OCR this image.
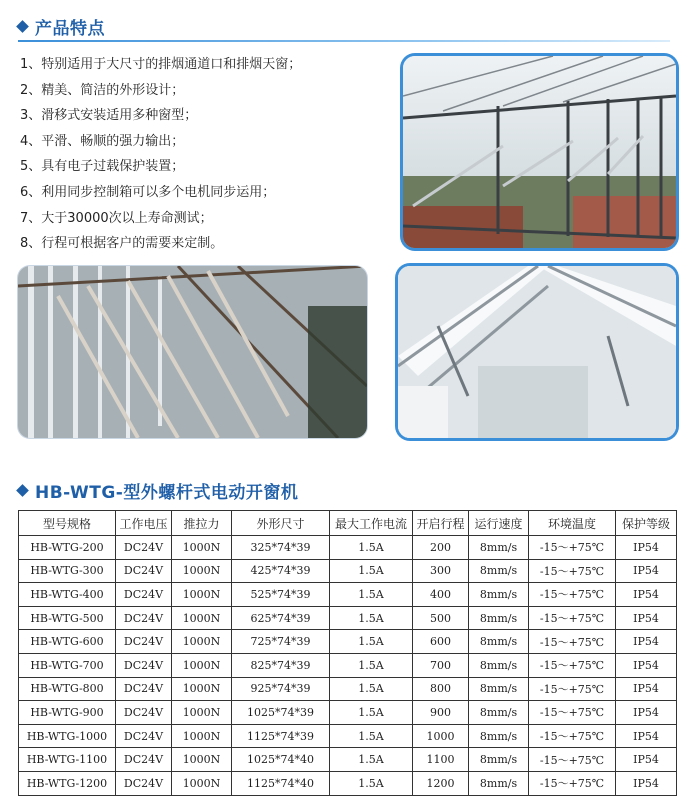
产品特点
1、特别适用于大尺寸的排烟通道口和排烟天窗；
2、精美、简洁的外形设计；
3、滑移式安装适用多种窗型；
4、平滑、畅顺的强力输出；
5、具有电子过载保护装置；
6、利用同步控制箱可以多个电机同步运用；
7、大于30000次以上寿命测试；
8、行程可根据客户的需要来定制。
HB-WTG-型外螺杆式电动开窗机
型号规格	工作电压	推拉力	外形尺寸	最大工作电流	开启行程	运行速度	环境温度	保护等级
HB-WTG-200	DC24V	1000N	325*74*39	1.5A	200	8mm/s	-15～+75℃	IP54
HB-WTG-300	DC24V	1000N	425*74*39	1.5A	300	8mm/s	-15～+75℃	IP54
HB-WTG-400	DC24V	1000N	525*74*39	1.5A	400	8mm/s	-15～+75℃	IP54
HB-WTG-500	DC24V	1000N	625*74*39	1.5A	500	8mm/s	-15～+75℃	IP54
HB-WTG-600	DC24V	1000N	725*74*39	1.5A	600	8mm/s	-15～+75℃	IP54
HB-WTG-700	DC24V	1000N	825*74*39	1.5A	700	8mm/s	-15～+75℃	IP54
HB-WTG-800	DC24V	1000N	925*74*39	1.5A	800	8mm/s	-15～+75℃	IP54
HB-WTG-900	DC24V	1000N	1025*74*39	1.5A	900	8mm/s	-15～+75℃	IP54
HB-WTG-1000	DC24V	1000N	1125*74*39	1.5A	1000	8mm/s	-15～+75℃	IP54
HB-WTG-1100	DC24V	1000N	1025*74*40	1.5A	1100	8mm/s	-15～+75℃	IP54
HB-WTG-1200	DC24V	1000N	1125*74*40	1.5A	1200	8mm/s	-15～+75℃	IP54
